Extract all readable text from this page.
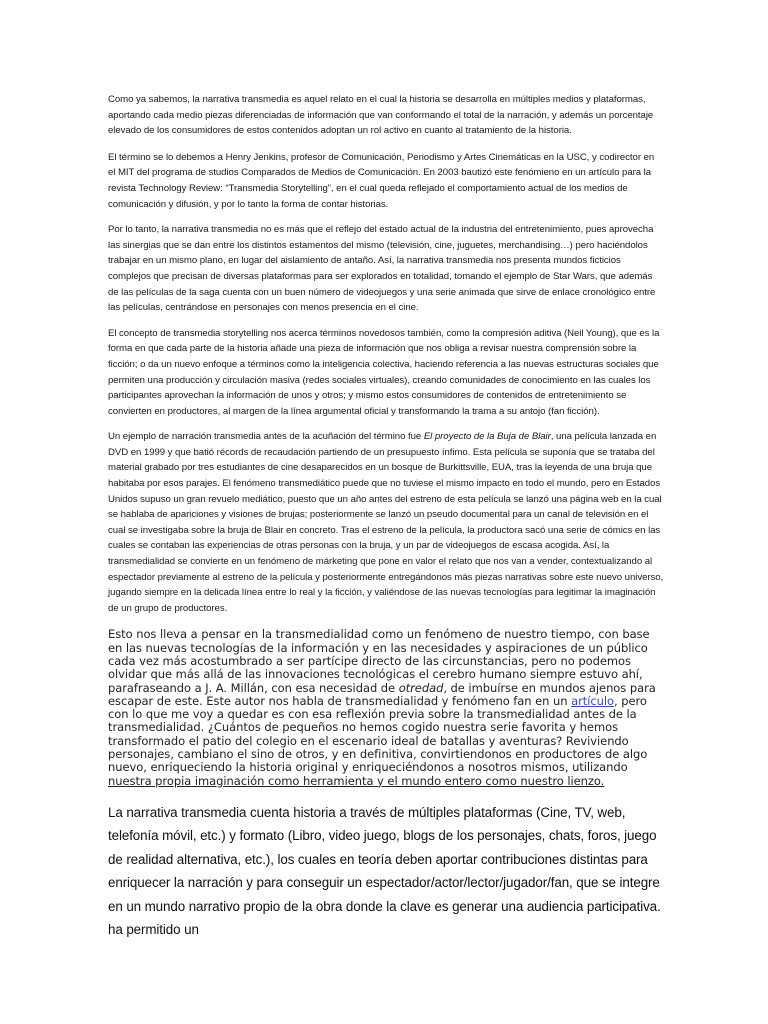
Como ya sabemos, la narrativa transmedia es aquel relato en el cual la historia se desarrolla en múltiples medios y plataformas, aportando cada medio piezas diferenciadas de información que van conformando el total de la narración, y además un porcentaje elevado de los consumidores de estos contenidos adoptan un rol activo en cuanto al tratamiento de la historia.

El término se lo debemos a Henry Jenkins, profesor de Comunicación, Periodismo y Artes Cinemáticas en la USC, y codirector en el MIT del programa de studios Comparados de Medios de Comunicación. En 2003 bautizó este fenómieno en un artículo para la revista Technology Review: “Transmedia Storytelling”, en el cual queda reflejado el comportamiento actual de los medios de comunicación y difusión, y por lo tanto la forma de contar historias.

Por lo tanto, la narrativa transmedia no es más que el reflejo del estado actual de la industria del entretenimiento, pues aprovecha las sinergias que se dan entre los distintos estamentos del mismo (televisión, cine, juguetes, merchandising…) pero haciéndolos trabajar en un mismo plano, en lugar del aislamiento de antaño. Así, la narrativa transmedia nos presenta mundos ficticios complejos que precisan de diversas plataformas para ser explorados en totalidad, tomando el ejemplo de Star Wars, que además de las películas de la saga cuenta con un buen número de videojuegos y una serie animada que sirve de enlace cronológico entre las películas, centrándose en personajes con menos presencia en el cine.

El concepto de transmedia storytelling nos acerca términos novedosos también, como la compresión aditiva (Neil Young), que es la forma en que cada parte de la historia añade una pieza de información que nos obliga a revisar nuestra comprensión sobre la ficción; o da un nuevo enfoque a términos como la inteligencia colectiva, haciendo referencia a las nuevas estructuras sociales que permiten una producción y circulación masiva (redes sociales virtuales), creando comunidades de conocimiento en las cuales los participantes aprovechan la información de unos y otros; y mismo estos consumidores de contenidos de entretenimiento se convierten en productores, al margen de la línea argumental oficial y transformando la trama a su antojo (fan ficción).

Un ejemplo de narración transmedia antes de la acuñación del término fue El proyecto de la Buja de Blair, una película lanzada en DVD en 1999 y que batió récords de recaudación partiendo de un presupuesto ínfimo. Esta película se suponía que se trataba del material grabado por tres estudiantes de cine desaparecidos en un bosque de Burkittsville, EUA, tras la leyenda de una bruja que habitaba por esos parajes. El fenómeno transmediático puede que no tuviese el mismo impacto en todo el mundo, pero en Estados Unidos supuso un gran revuelo mediático, puesto que un año antes del estreno de esta película se lanzó una página web en la cual se hablaba de apariciones y visiones de brujas; posteriormente se lanzó un pseudo documental para un canal de televisión en el cual se investigaba sobre la bruja de Blair en concreto. Tras el estreno de la película, la productora sacó una serie de cómics en las cuales se contaban las experiencias de otras personas con la bruja, y un par de videojuegos de escasa acogida. Así, la transmedialidad se convierte en un fenómeno de márketing que pone en valor el relato que nos van a vender, contextualizando al espectador previamente al estreno de la película y posteriormente entregándonos más piezas narrativas sobre este nuevo universo, jugando siempre en la delicada línea entre lo real y la ficción, y valiéndose de las nuevas tecnologías para legitimar la imaginación de un grupo de productores.

Esto nos lleva a pensar en la transmedialidad como un fenómeno de nuestro tiempo, con base en las nuevas tecnologías de la información y en las necesidades y aspiraciones de un público cada vez más acostumbrado a ser partícipe directo de las circunstancias, pero no podemos olvidar que más allá de las innovaciones tecnológicas el cerebro humano siempre estuvo ahí, parafraseando a J. A. Millán, con esa necesidad de otredad, de imbuírse en mundos ajenos para escapar de este. Este autor nos habla de transmedialidad y fenómeno fan en un artículo, pero con lo que me voy a quedar es con esa reflexión previa sobre la transmedialidad antes de la transmedialidad. ¿Cuántos de pequeños no hemos cogido nuestra serie favorita y hemos transformado el patio del colegio en el escenario ideal de batallas y aventuras? Reviviendo personajes, cambiano el sino de otros, y en definitiva, convirtiendonos en productores de algo nuevo, enriqueciendo la historia original y enriqueciéndonos a nosotros mismos, utilizando nuestra propia imaginación como herramienta y el mundo entero como nuestro lienzo.
La narrativa transmedia cuenta historia a través de múltiples plataformas (Cine, TV, web, telefonía móvil, etc.) y formato (Libro, video juego, blogs de los personajes, chats, foros, juego de realidad alternativa, etc.), los cuales en teoría deben aportar contribuciones distintas para enriquecer la narración y para conseguir un espectador/actor/lector/jugador/fan, que se integre en un mundo narrativo propio de la obra donde la clave es generar una audiencia participativa. ha permitido un
